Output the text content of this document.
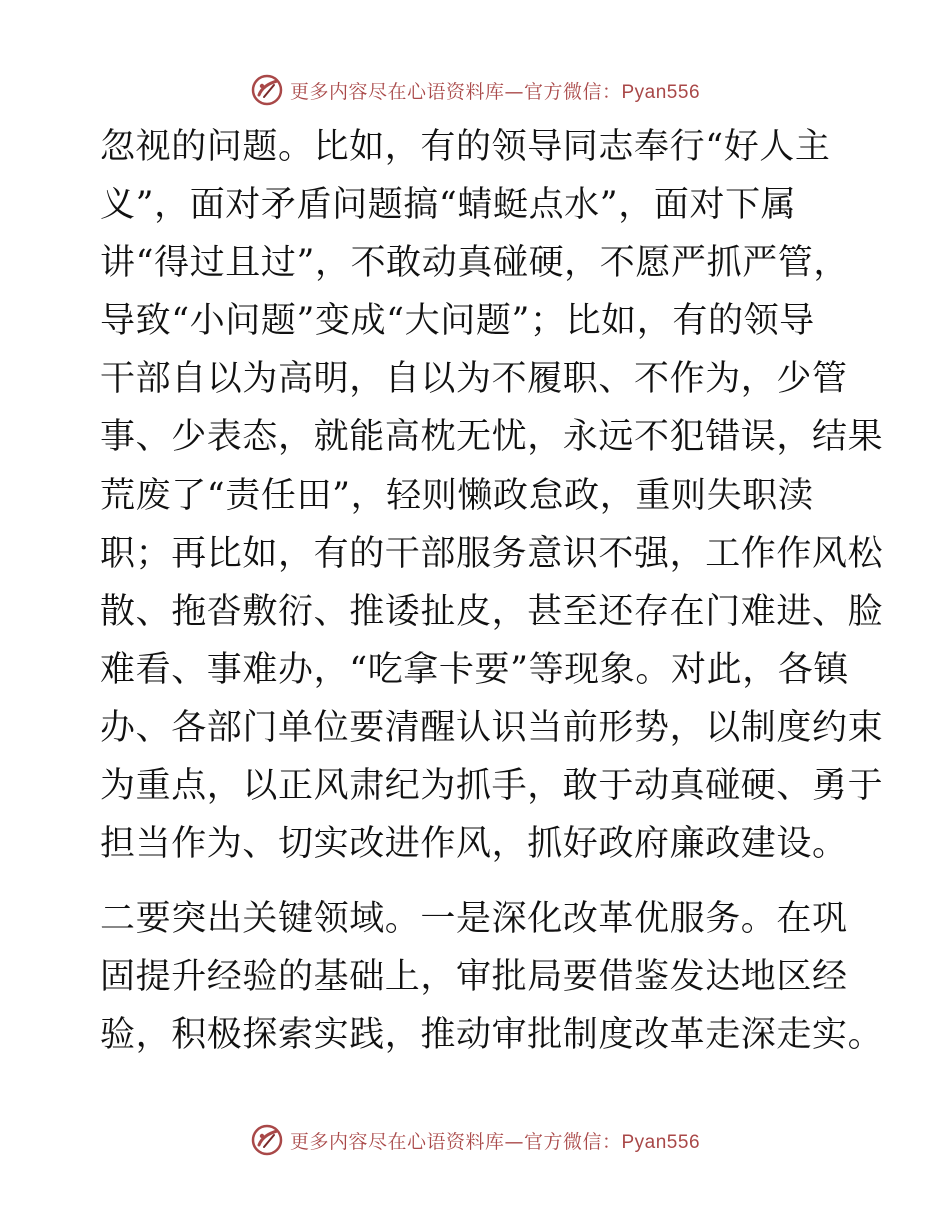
更多内容尽在心语资料库—官方微信：Pyan556
忽视的问题。比如，有的领导同志奉行“好人主
义”，面对矛盾问题搞“蜻蜓点水”，面对下属
讲“得过且过”，不敢动真碰硬，不愿严抓严管，
导致“小问题”变成“大问题”；比如，有的领导
干部自以为高明，自以为不履职、不作为，少管
事、少表态，就能高枕无忧，永远不犯错误，结果
荒废了“责任田”，轻则懒政怠政，重则失职渎
职；再比如，有的干部服务意识不强，工作作风松
散、拖沓敷衍、推诿扯皮，甚至还存在门难进、脸
难看、事难办，“吃拿卡要”等现象。对此，各镇
办、各部门单位要清醒认识当前形势，以制度约束
为重点，以正风肃纪为抓手，敢于动真碰硬、勇于
担当作为、切实改进作风，抓好政府廉政建设。
二要突出关键领域。一是深化改革优服务。在巩
固提升经验的基础上，审批局要借鉴发达地区经
验，积极探索实践，推动审批制度改革走深走实。
更多内容尽在心语资料库—官方微信：Pyan556
